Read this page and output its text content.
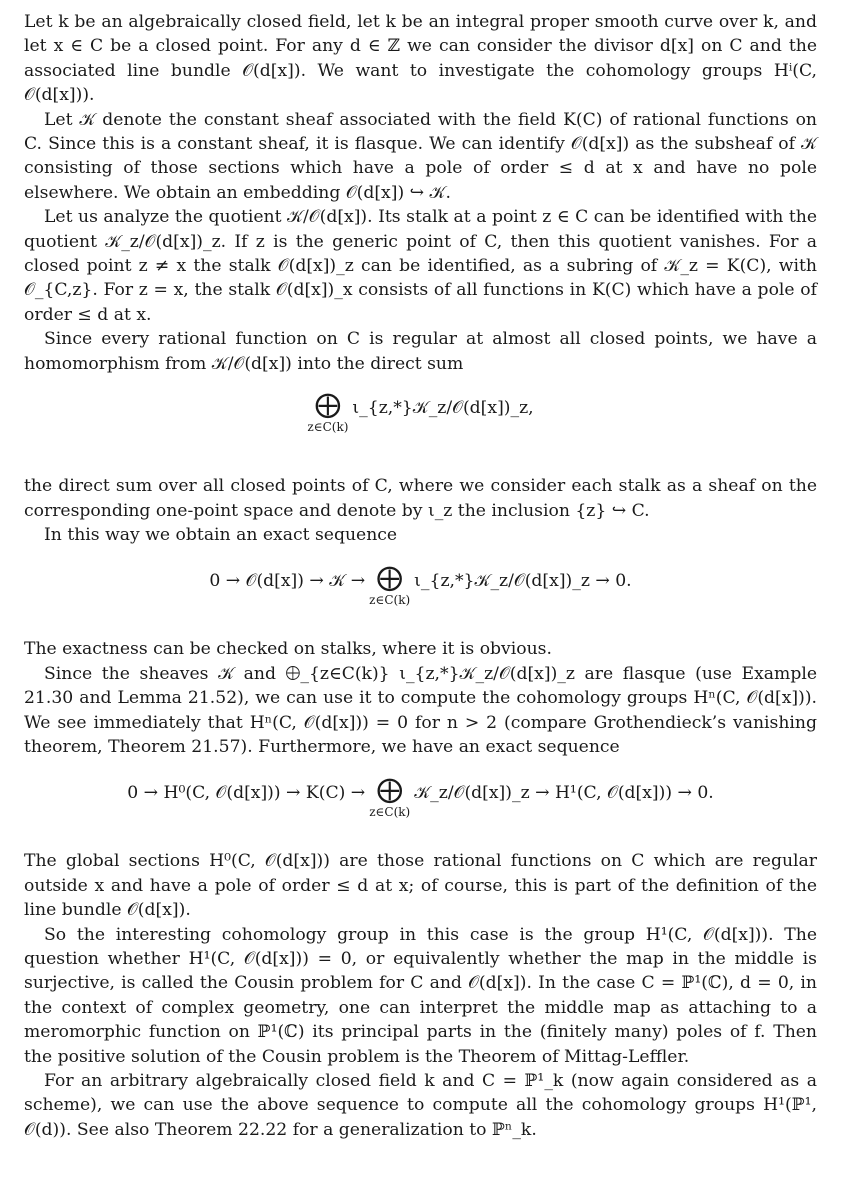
Let k be an algebraically closed field, let k be an integral proper smooth curve over k, and let x ∈ C be a closed point. For any d ∈ ℤ we can consider the divisor d[x] on C and the associated line bundle 𝒪(d[x]). We want to investigate the cohomology groups Hⁱ(C, 𝒪(d[x])).

Let 𝒦 denote the constant sheaf associated with the field K(C) of rational functions on C. Since this is a constant sheaf, it is flasque. We can identify 𝒪(d[x]) as the subsheaf of 𝒦 consisting of those sections which have a pole of order ≤ d at x and have no pole elsewhere. We obtain an embedding 𝒪(d[x]) ↪ 𝒦.

Let us analyze the quotient 𝒦/𝒪(d[x]). Its stalk at a point z ∈ C can be identified with the quotient 𝒦_z/𝒪(d[x])_z. If z is the generic point of C, then this quotient vanishes. For a closed point z ≠ x the stalk 𝒪(d[x])_z can be identified, as a subring of 𝒦_z = K(C), with 𝒪_{C,z}. For z = x, the stalk 𝒪(d[x])_x consists of all functions in K(C) which have a pole of order ≤ d at x.

Since every rational function on C is regular at almost all closed points, we have a homomorphism from 𝒦/𝒪(d[x]) into the direct sum

⨁
z∈C(k)
ι_{z,*}𝒦_z/𝒪(d[x])_z,

the direct sum over all closed points of C, where we consider each stalk as a sheaf on the corresponding one-point space and denote by ι_z the inclusion {z} ↪ C.

In this way we obtain an exact sequence

0 → 𝒪(d[x]) → 𝒦 → ⨁
z∈C(k)
ι_{z,*}𝒦_z/𝒪(d[x])_z → 0.

The exactness can be checked on stalks, where it is obvious.

Since the sheaves 𝒦 and ⨁_{z∈C(k)} ι_{z,*}𝒦_z/𝒪(d[x])_z are flasque (use Example 21.30 and Lemma 21.52), we can use it to compute the cohomology groups Hⁿ(C, 𝒪(d[x])). We see immediately that Hⁿ(C, 𝒪(d[x])) = 0 for n > 2 (compare Grothendieck’s vanishing theorem, Theorem 21.57). Furthermore, we have an exact sequence

0 → H⁰(C, 𝒪(d[x])) → K(C) → ⨁
z∈C(k)
𝒦_z/𝒪(d[x])_z → H¹(C, 𝒪(d[x])) → 0.

The global sections H⁰(C, 𝒪(d[x])) are those rational functions on C which are regular outside x and have a pole of order ≤ d at x; of course, this is part of the definition of the line bundle 𝒪(d[x]).

So the interesting cohomology group in this case is the group H¹(C, 𝒪(d[x])). The question whether H¹(C, 𝒪(d[x])) = 0, or equivalently whether the map in the middle is surjective, is called the Cousin problem for C and 𝒪(d[x]). In the case C = ℙ¹(ℂ), d = 0, in the context of complex geometry, one can interpret the middle map as attaching to a meromorphic function on ℙ¹(ℂ) its principal parts in the (finitely many) poles of f. Then the positive solution of the Cousin problem is the Theorem of Mittag-Leffler.

For an arbitrary algebraically closed field k and C = ℙ¹_k (now again considered as a scheme), we can use the above sequence to compute all the cohomology groups H¹(ℙ¹, 𝒪(d)). See also Theorem 22.22 for a generalization to ℙⁿ_k.
